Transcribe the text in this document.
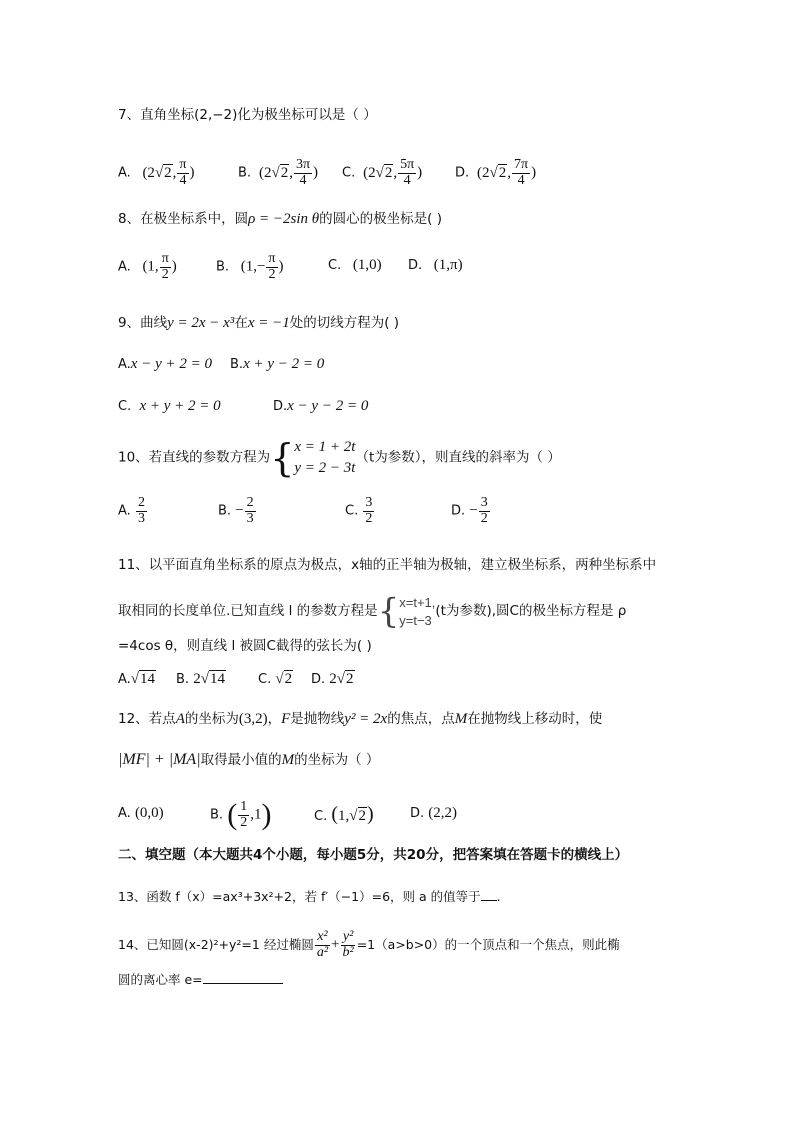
7、直角坐标(2,−2)化为极坐标可以是（ ）
A.   (2√2, $\frac{\pi}{4}$ )	B.  (2√2, $\frac{3\pi}{4}$ ) C.  (2√2, $\frac{5\pi}{4}$ )	D.  (2√2, $\frac{7\pi}{4}$ )
8、在极坐标系中，圆ρ = −2sin θ的圆心的极坐标是( )
A. (1, $\frac{\pi}{2}$ )	B. ($1,- \frac{\pi}{2}$ )	C. (1,0) D. (1,π)
9、曲线y = 2x − x³在x = −1处的切线方程为( )
A.x − y + 2 = 0 B.x + y − 2 = 0
C. x + y + 2 = 0	D.x − y − 2 = 0
10、若直线的参数方程为{ x = 1 + 2t
y = 2 − 3t
（t为参数），则直线的斜率为（ ）
A. $\frac{2}{3}$	B. − $\frac{2}{3}$	C. $\frac{3}{2}$	D. − $\frac{3}{2}$
11、以平面直角坐标系的原点为极点，x轴的正半轴为极轴，建立极坐标系，两种坐标系中
取相同的长度单位.已知直线 l 的参数方程是{ x=t+1,
y=t−3
(t为参数),圆C的极坐标方程是 ρ
=4cos θ，则直线 l 被圆C截得的弦长为( )
A.√14 B. 2√14	C. √2 D. 2√2
12、若点A的坐标为(3,2)，F是抛物线y² = 2x的焦点，点M在抛物线上移动时，使
|MF| + |MA|取得最小值的M的坐标为（ ）
A. (0,0)	B. ( $\frac{1}{2} ,1$)	C. (1,√2)	D. (2,2)
二、填空题（本大题共4个小题，每小题5分，共20分，把答案填在答题卡的横线上）
13、函数 f（x）=ax³+3x²+2，若 f′（−1）=6，则 a 的值等于 .
14、已知圆(x-2)²+y²=1 经过椭圆 $\frac{\text{x²}}{\text{a²}} + \frac{\text{y²}}{\text{b²}} =1(a>b>0)$的一个顶点和一个焦点，则此椭
圆的离心率 e=
